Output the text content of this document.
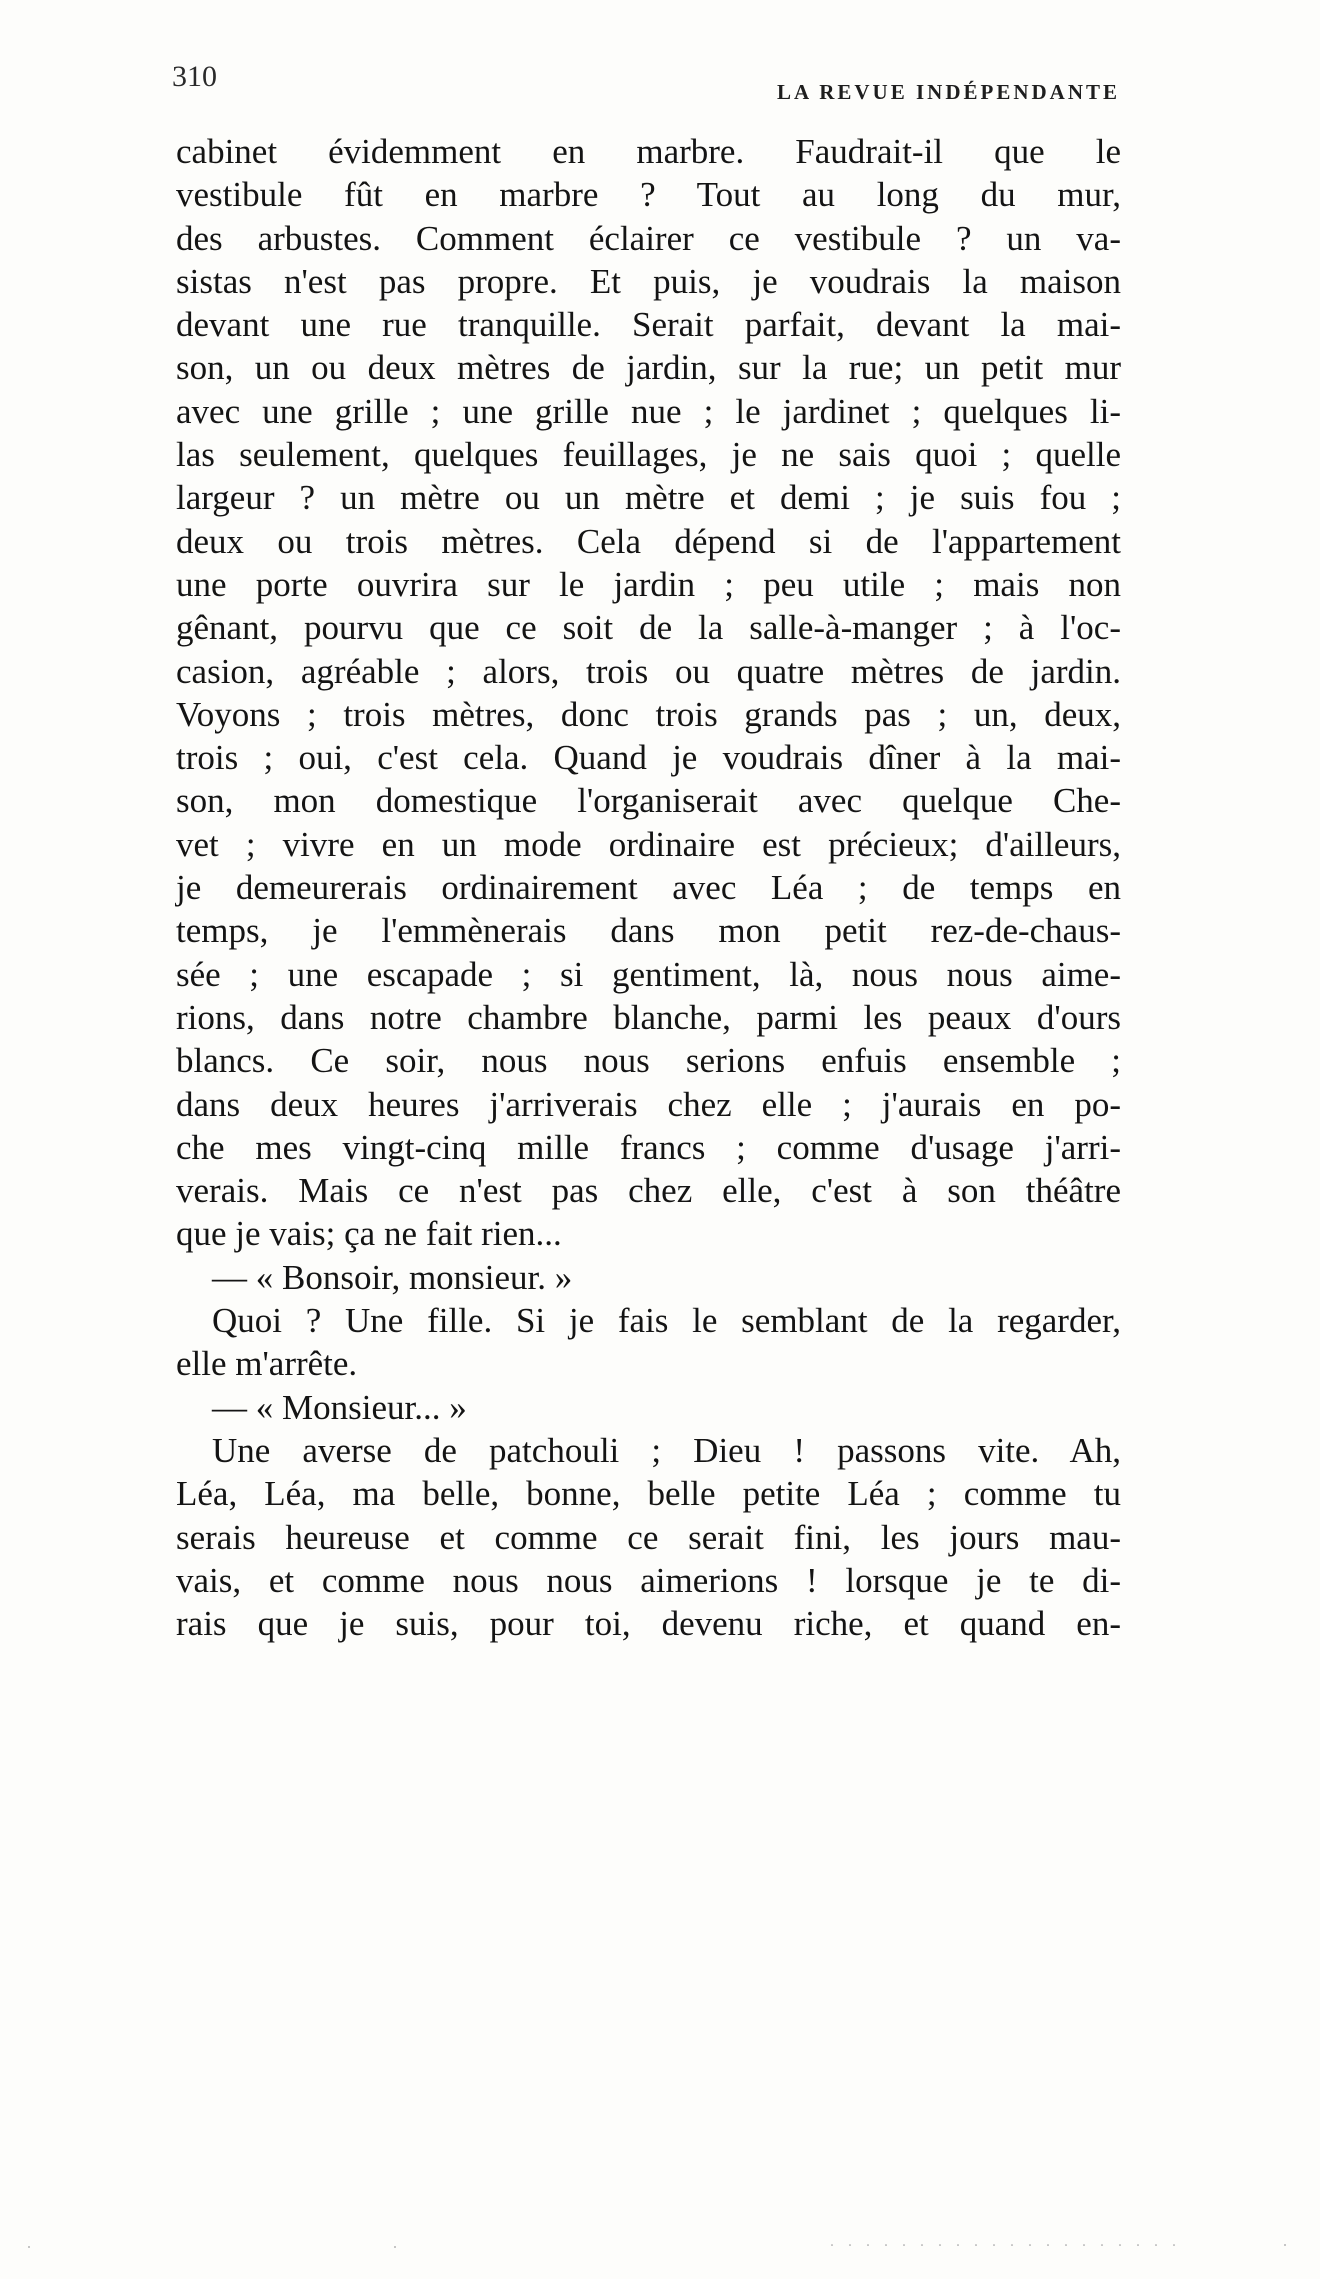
310	LA REVUE INDÉPENDANTE
cabinet évidemment en marbre. Faudrait-il que le
vestibule fût en marbre ? Tout au long du mur,
des arbustes. Comment éclairer ce vestibule ? un va-
sistas n'est pas propre. Et puis, je voudrais la maison
devant une rue tranquille. Serait parfait, devant la mai-
son, un ou deux mètres de jardin, sur la rue; un petit mur
avec une grille ; une grille nue ; le jardinet ; quelques li-
las seulement, quelques feuillages, je ne sais quoi ; quelle
largeur ? un mètre ou un mètre et demi ; je suis fou ;
deux ou trois mètres. Cela dépend si de l'appartement
une porte ouvrira sur le jardin ; peu utile ; mais non
gênant, pourvu que ce soit de la salle-à-manger ; à l'oc-
casion, agréable ; alors, trois ou quatre mètres de jardin.
Voyons ; trois mètres, donc trois grands pas ; un, deux,
trois ; oui, c'est cela. Quand je voudrais dîner à la mai-
son, mon domestique l'organiserait avec quelque Che-
vet ; vivre en un mode ordinaire est précieux; d'ailleurs,
je demeurerais ordinairement avec Léa ; de temps en
temps, je l'emmènerais dans mon petit rez-de-chaus-
sée ; une escapade ; si gentiment, là, nous nous aime-
rions, dans notre chambre blanche, parmi les peaux d'ours
blancs. Ce soir, nous nous serions enfuis ensemble ;
dans deux heures j'arriverais chez elle ; j'aurais en po-
che mes vingt-cinq mille francs ; comme d'usage j'arri-
verais. Mais ce n'est pas chez elle, c'est à son théâtre
que je vais; ça ne fait rien...
— « Bonsoir, monsieur. »
Quoi ? Une fille. Si je fais le semblant de la regarder,
elle m'arrête.
— « Monsieur... »
Une averse de patchouli ; Dieu ! passons vite. Ah,
Léa, Léa, ma belle, bonne, belle petite Léa ; comme tu
serais heureuse et comme ce serait fini, les jours mau-
vais, et comme nous nous aimerions ! lorsque je te di-
rais que je suis, pour toi, devenu riche, et quand en-
. . . . . . . . . . . . . . . . . . . .
